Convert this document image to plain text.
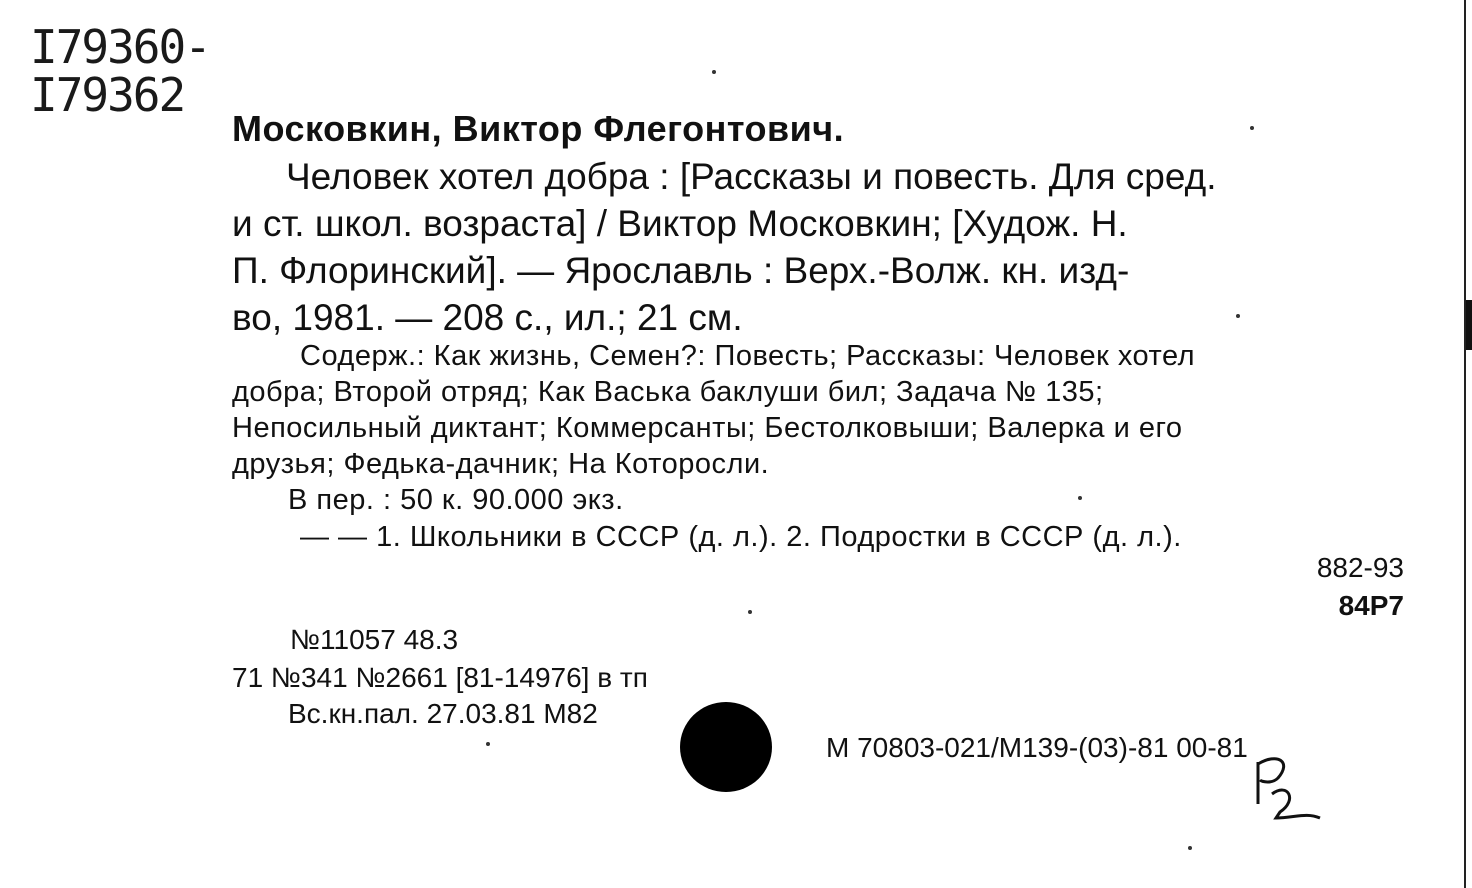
I79360-
I79362
Московкин, Виктор Флегонтович.
Человек хотел добра : [Рассказы и повесть. Для сред.
и ст. школ. возраста] / Виктор Московкин; [Худож. Н.
П. Флоринский]. — Ярославль : Верх.-Волж. кн. изд-
во, 1981. — 208 с., ил.; 21 см.
Содерж.: Как жизнь, Семен?: Повесть; Рассказы: Человек хотел
добра; Второй отряд; Как Васька баклуши бил; Задача № 135;
Непосильный диктант; Коммерсанты; Бестолковыши; Валерка и его
друзья; Федька-дачник; На Которосли.
В пер. : 50 к. 90.000 экз.
— — 1. Школьники в СССР (д. л.). 2. Подростки в СССР (д. л.).
882-93
84Р7
№11057 48.3
71 №341 №2661 [81-14976] в тп
Вс.кн.пал. 27.03.81 М82
М 70803-021/М139-(03)-81 00-81
